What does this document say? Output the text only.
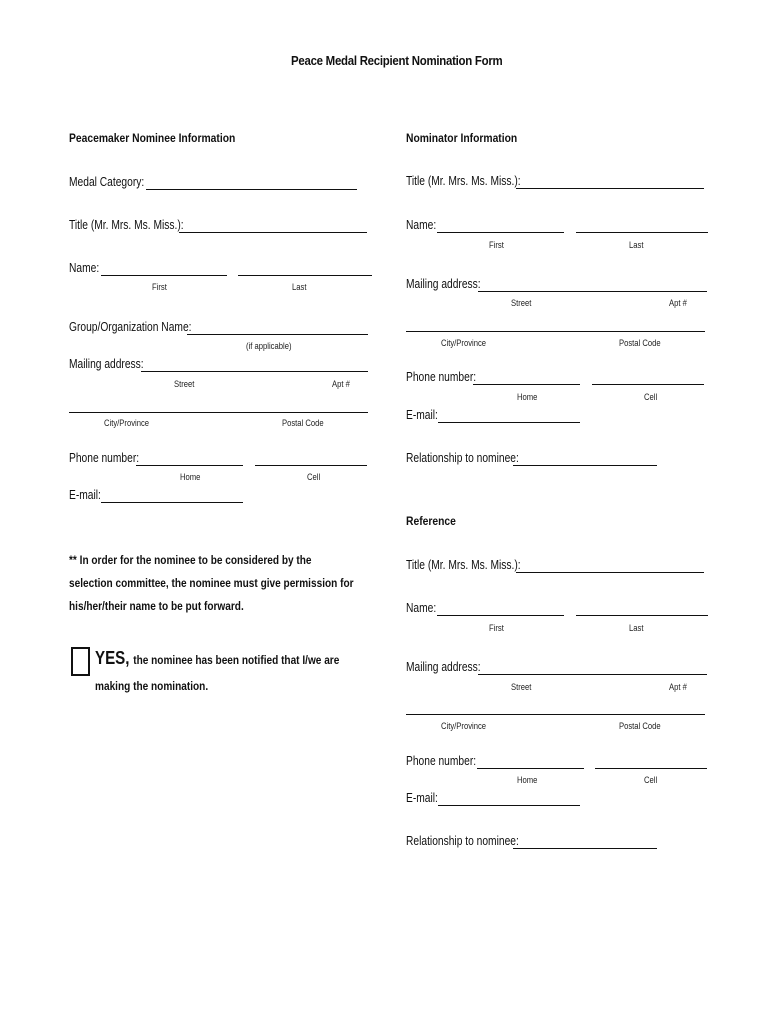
Peace Medal Recipient Nomination Form
Peacemaker Nominee Information
Medal Category:
Title (Mr. Mrs. Ms. Miss.):
Name:
First	Last
Group/Organization Name:
(if applicable)
Mailing address:
Street	Apt #
City/Province	Postal Code
Phone number:
Home	Cell
E-mail:
** In order for the nominee to be considered by the selection committee, the nominee must give permission for his/her/their name to be put forward.
YES, the nominee has been notified that I/we are making the nomination.
Nominator Information
Title (Mr. Mrs. Ms. Miss.):
Name:
First	Last
Mailing address:
Street	Apt #
City/Province	Postal Code
Phone number:
Home	Cell
E-mail:
Relationship to nominee:
Reference
Title (Mr. Mrs. Ms. Miss.):
Name:
First	Last
Mailing address:
Street	Apt #
City/Province	Postal Code
Phone number:
Home	Cell
E-mail:
Relationship to nominee:
